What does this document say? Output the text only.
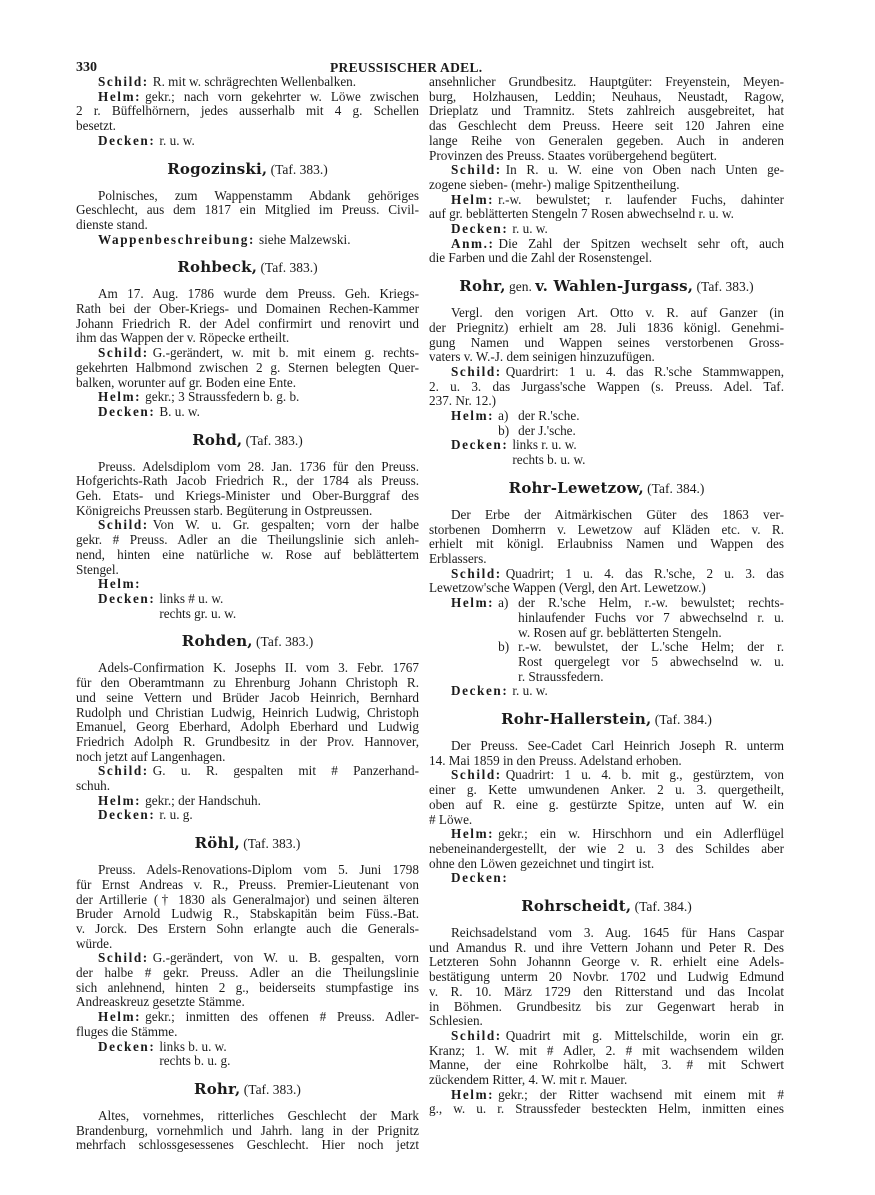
330	PREUSSISCHER ADEL.
Schild: R. mit w. schrägrechten Wellenbalken.
Helm: gekr.; nach vorn gekehrter w. Löwe zwischen
2 r. Büffelhörnern, jedes ausserhalb mit 4 g. Schellen
besetzt.
Decken: r. u. w.
Rogozinski, (Taf. 383.)
Polnisches, zum Wappenstamm Abdank gehöriges
Geschlecht, aus dem 1817 ein Mitglied im Preuss. Civil-
dienste stand.
Wappenbeschreibung: siehe Malzewski.
Rohbeck, (Taf. 383.)
Am 17. Aug. 1786 wurde dem Preuss. Geh. Kriegs-
Rath bei der Ober-Kriegs- und Domainen Rechen-Kammer
Johann Friedrich R. der Adel confirmirt und renovirt und
ihm das Wappen der v. Röpecke ertheilt.
Schild: G.-gerändert, w. mit b. mit einem g. rechts-
gekehrten Halbmond zwischen 2 g. Sternen belegten Quer-
balken, worunter auf gr. Boden eine Ente.
Helm: gekr.; 3 Straussfedern b. g. b.
Decken: B. u. w.
Rohd, (Taf. 383.)
Preuss. Adelsdiplom vom 28. Jan. 1736 für den Preuss.
Hofgerichts-Rath Jacob Friedrich R., der 1784 als Preuss.
Geh. Etats- und Kriegs-Minister und Ober-Burggraf des
Königreichs Preussen starb. Begüterung in Ostpreussen.
Schild: Von W. u. Gr. gespalten; vorn der halbe
gekr. # Preuss. Adler an die Theilungslinie sich anleh-
nend, hinten eine natürliche w. Rose auf beblättertem
Stengel.
Helm:
Decken: links # u. w.
rechts gr. u. w.
Rohden, (Taf. 383.)
Adels-Confirmation K. Josephs II. vom 3. Febr. 1767
für den Oberamtmann zu Ehrenburg Johann Christoph R.
und seine Vettern und Brüder Jacob Heinrich, Bernhard
Rudolph und Christian Ludwig, Heinrich Ludwig, Christoph
Emanuel, Georg Eberhard, Adolph Eberhard und Ludwig
Friedrich Adolph R. Grundbesitz in der Prov. Hannover,
noch jetzt auf Langenhagen.
Schild: G. u. R. gespalten mit # Panzerhand-
schuh.
Helm: gekr.; der Handschuh.
Decken: r. u. g.
Röhl, (Taf. 383.)
Preuss. Adels-Renovations-Diplom vom 5. Juni 1798
für Ernst Andreas v. R., Preuss. Premier-Lieutenant von
der Artillerie († 1830 als Generalmajor) und seinen älteren
Bruder Arnold Ludwig R., Stabskapitän beim Füss.-Bat.
v. Jorck. Des Erstern Sohn erlangte auch die Generals-
würde.
Schild: G.-gerändert, von W. u. B. gespalten, vorn
der halbe # gekr. Preuss. Adler an die Theilungslinie
sich anlehnend, hinten 2 g., beiderseits stumpfastige ins
Andreaskreuz gesetzte Stämme.
Helm: gekr.; inmitten des offenen # Preuss. Adler-
fluges die Stämme.
Decken: links b. u. w.
rechts b. u. g.
Rohr, (Taf. 383.)
Altes, vornehmes, ritterliches Geschlecht der Mark
Brandenburg, vornehmlich und Jahrh. lang in der Prignitz
mehrfach schlossgesessenes Geschlecht. Hier noch jetzt
ansehnlicher Grundbesitz. Hauptgüter: Freyenstein, Meyen-
burg, Holzhausen, Leddin; Neuhaus, Neustadt, Ragow,
Drieplatz und Tramnitz. Stets zahlreich ausgebreitet, hat
das Geschlecht dem Preuss. Heere seit 120 Jahren eine
lange Reihe von Generalen gegeben. Auch in anderen
Provinzen des Preuss. Staates vorübergehend begütert.
Schild: In R. u. W. eine von Oben nach Unten ge-
zogene sieben- (mehr-) malige Spitzentheilung.
Helm: r.-w. bewulstet; r. laufender Fuchs, dahinter
auf gr. beblätterten Stengeln 7 Rosen abwechselnd r. u. w.
Decken: r. u. w.
Anm.: Die Zahl der Spitzen wechselt sehr oft, auch
die Farben und die Zahl der Rosenstengel.
Rohr, gen. v. Wahlen-Jurgass, (Taf. 383.)
Vergl. den vorigen Art. Otto v. R. auf Ganzer (in
der Priegnitz) erhielt am 28. Juli 1836 königl. Genehmi-
gung Namen und Wappen seines verstorbenen Gross-
vaters v. W.-J. dem seinigen hinzuzufügen.
Schild: Quardrirt: 1 u. 4. das R.'sche Stammwappen,
2. u. 3. das Jurgass'sche Wappen (s. Preuss. Adel. Taf.
237. Nr. 12.)
Helm: a) der R.'sche.
b) der J.'sche.
Decken: links r. u. w.
rechts b. u. w.
Rohr-Lewetzow, (Taf. 384.)
Der Erbe der Aitmärkischen Güter des 1863 ver-
storbenen Domherrn v. Lewetzow auf Kläden etc. v. R.
erhielt mit königl. Erlaubniss Namen und Wappen des
Erblassers.
Schild: Quadrirt; 1 u. 4. das R.'sche, 2 u. 3. das
Lewetzow'sche Wappen (Vergl, den Art. Lewetzow.)
Helm: a) der R.'sche Helm, r.-w. bewulstet; rechts-
hinlaufender Fuchs vor 7 abwechselnd r. u.
w. Rosen auf gr. beblätterten Stengeln.
b) r.-w. bewulstet, der L.'sche Helm; der r.
Rost quergelegt vor 5 abwechselnd w. u.
r. Straussfedern.
Decken: r. u. w.
Rohr-Hallerstein, (Taf. 384.)
Der Preuss. See-Cadet Carl Heinrich Joseph R. unterm
14. Mai 1859 in den Preuss. Adelstand erhoben.
Schild: Quadrirt: 1 u. 4. b. mit g., gestürztem, von
einer g. Kette umwundenen Anker. 2 u. 3. quergetheilt,
oben auf R. eine g. gestürzte Spitze, unten auf W. ein
# Löwe.
Helm: gekr.; ein w. Hirschhorn und ein Adlerflügel
nebeneinandergestellt, der wie 2 u. 3 des Schildes aber
ohne den Löwen gezeichnet und tingirt ist.
Decken:
Rohrscheidt, (Taf. 384.)
Reichsadelstand vom 3. Aug. 1645 für Hans Caspar
und Amandus R. und ihre Vettern Johann und Peter R. Des
Letzteren Sohn Johannn George v. R. erhielt eine Adels-
bestätigung unterm 20 Novbr. 1702 und Ludwig Edmund
v. R. 10. März 1729 den Ritterstand und das Incolat
in Böhmen. Grundbesitz bis zur Gegenwart herab in
Schlesien.
Schild: Quadrirt mit g. Mittelschilde, worin ein gr.
Kranz; 1. W. mit # Adler, 2. # mit wachsendem wilden
Manne, der eine Rohrkolbe hält, 3. # mit Schwert
zückendem Ritter, 4. W. mit r. Mauer.
Helm: gekr.; der Ritter wachsend mit einem mit #
g., w. u. r. Straussfeder besteckten Helm, inmitten eines
